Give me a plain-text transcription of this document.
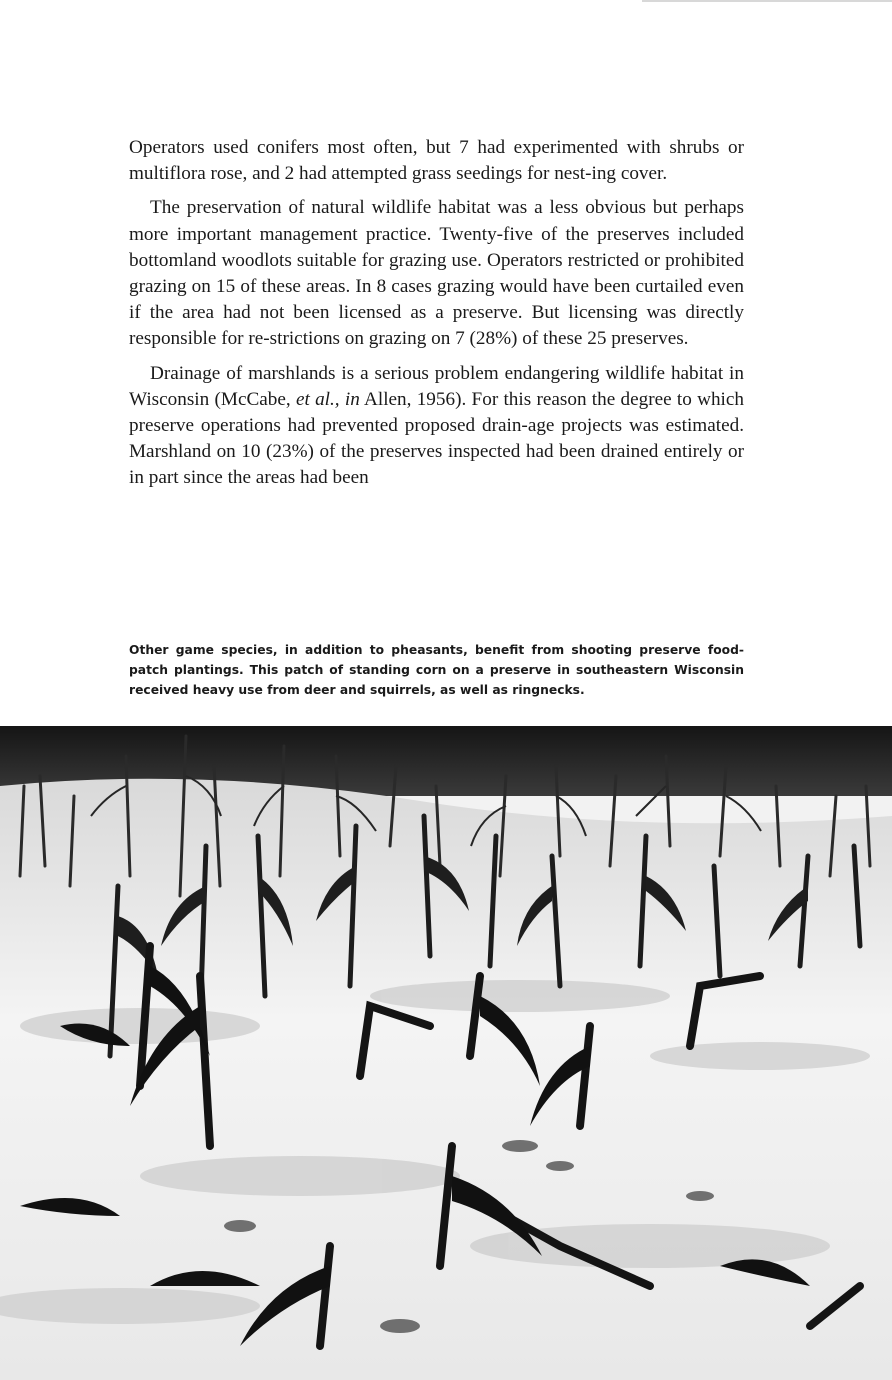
Operators used conifers most often, but 7 had experimented with shrubs or multiflora rose, and 2 had attempted grass seedings for nest-ing cover.

The preservation of natural wildlife habitat was a less obvious but perhaps more important management practice. Twenty-five of the preserves included bottomland woodlots suitable for grazing use. Operators restricted or prohibited grazing on 15 of these areas. In 8 cases grazing would have been curtailed even if the area had not been licensed as a preserve. But licensing was directly responsible for re-strictions on grazing on 7 (28%) of these 25 preserves.

Drainage of marshlands is a serious problem endangering wildlife habitat in Wisconsin (McCabe, et al., in Allen, 1956). For this reason the degree to which preserve operations had prevented proposed drain-age projects was estimated. Marshland on 10 (23%) of the preserves inspected had been drained entirely or in part since the areas had been

Other game species, in addition to pheasants, benefit from shooting preserve food-patch plantings. This patch of standing corn on a preserve in southeastern Wisconsin received heavy use from deer and squirrels, as well as ringnecks.
